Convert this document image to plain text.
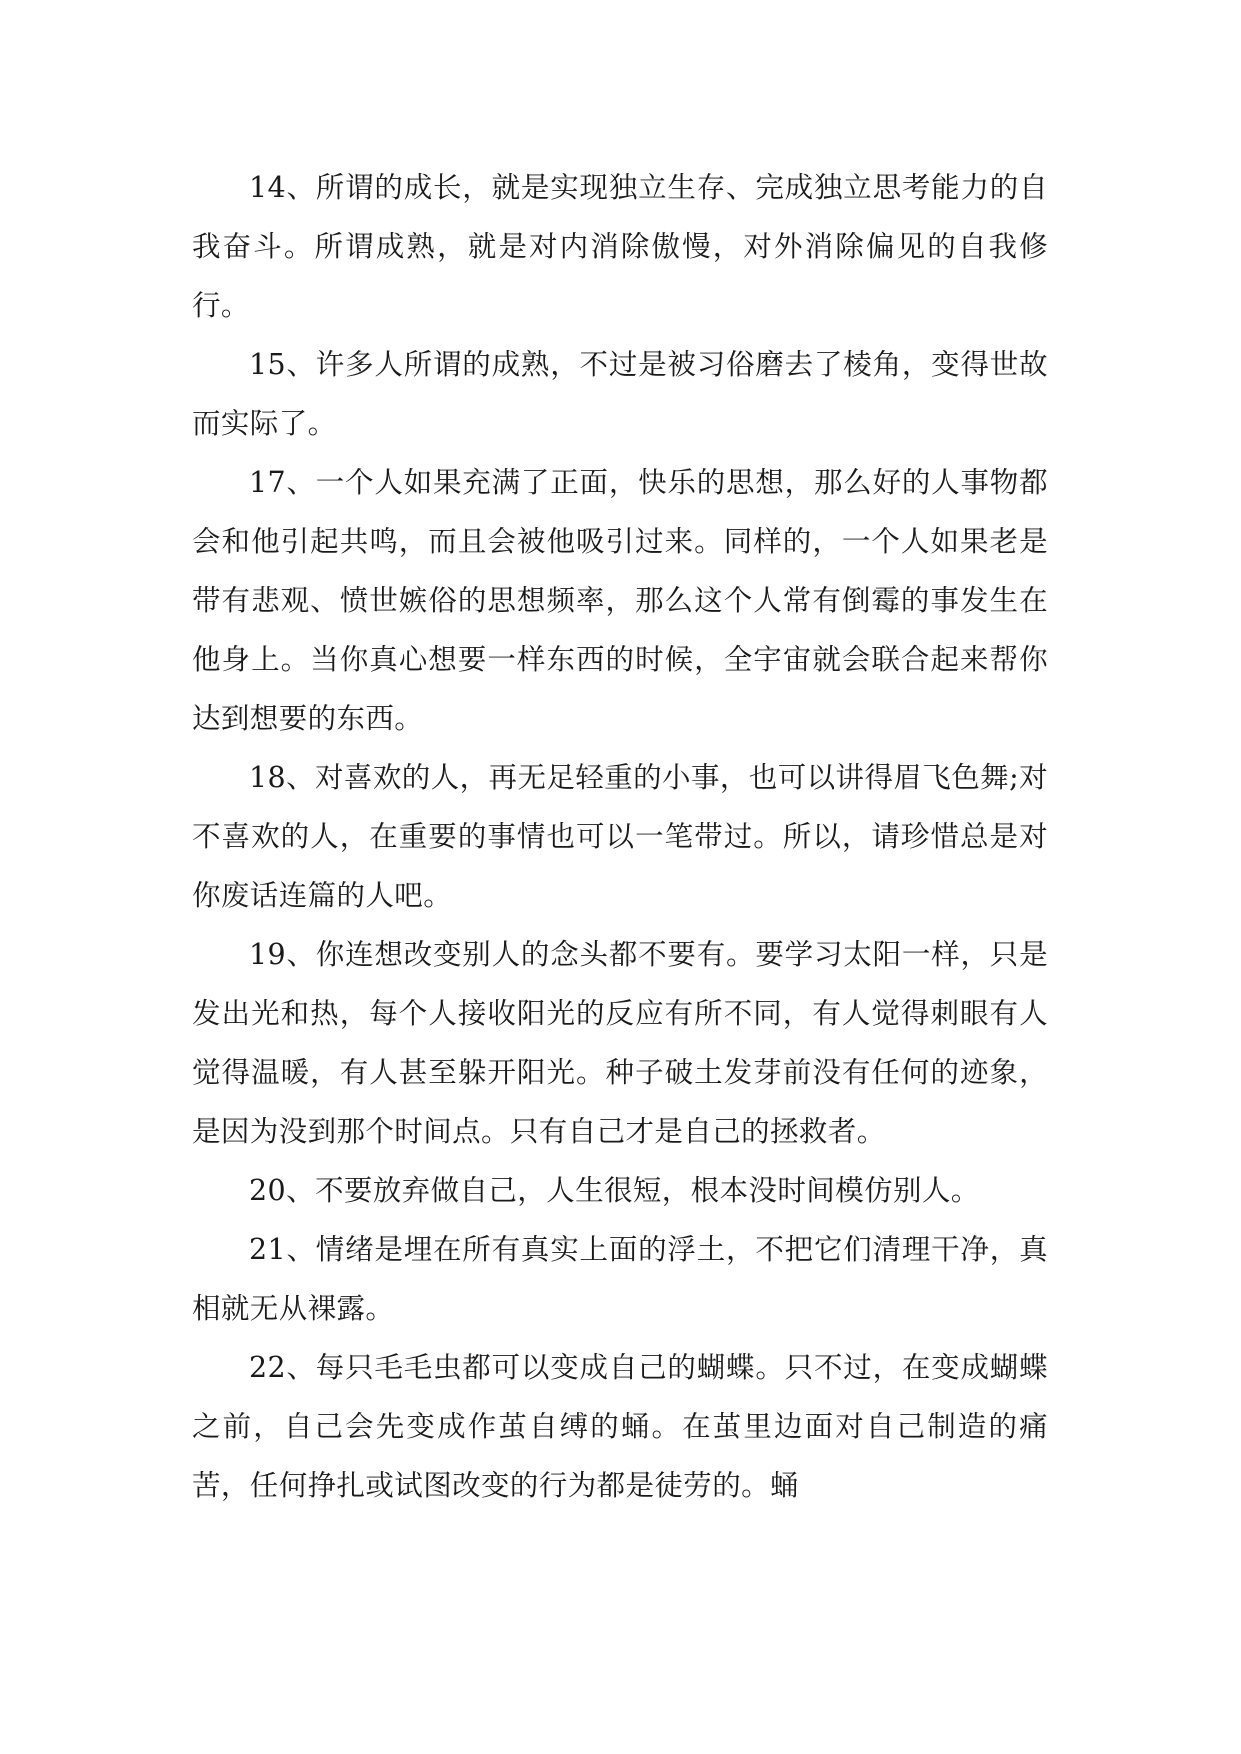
14、所谓的成长，就是实现独立生存、完成独立思考能力的自我奋斗。所谓成熟，就是对内消除傲慢，对外消除偏见的自我修行。

15、许多人所谓的成熟，不过是被习俗磨去了棱角，变得世故而实际了。

17、一个人如果充满了正面，快乐的思想，那么好的人事物都会和他引起共鸣，而且会被他吸引过来。同样的，一个人如果老是带有悲观、愤世嫉俗的思想频率，那么这个人常有倒霉的事发生在他身上。当你真心想要一样东西的时候，全宇宙就会联合起来帮你达到想要的东西。

18、对喜欢的人，再无足轻重的小事，也可以讲得眉飞色舞;对不喜欢的人，在重要的事情也可以一笔带过。所以，请珍惜总是对你废话连篇的人吧。

19、你连想改变别人的念头都不要有。要学习太阳一样，只是发出光和热，每个人接收阳光的反应有所不同，有人觉得刺眼有人觉得温暖，有人甚至躲开阳光。种子破土发芽前没有任何的迹象，是因为没到那个时间点。只有自己才是自己的拯救者。

20、不要放弃做自己，人生很短，根本没时间模仿别人。

21、情绪是埋在所有真实上面的浮土，不把它们清理干净，真相就无从裸露。

22、每只毛毛虫都可以变成自己的蝴蝶。只不过，在变成蝴蝶之前，自己会先变成作茧自缚的蛹。在茧里边面对自己制造的痛苦，任何挣扎或试图改变的行为都是徒劳的。蛹
